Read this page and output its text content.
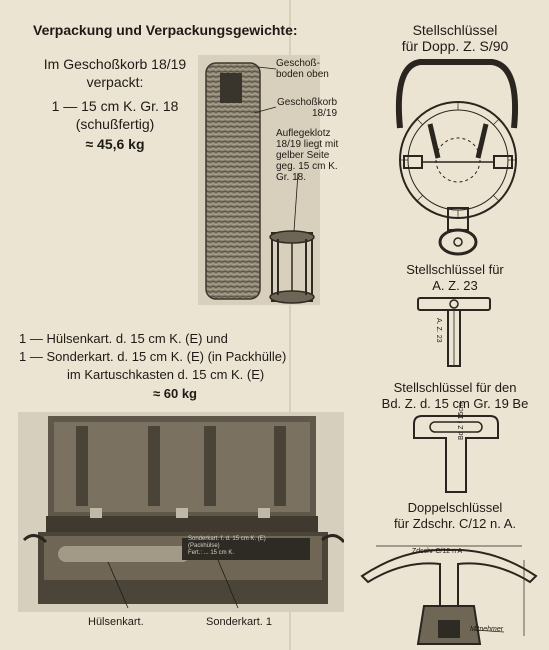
Verpackung und Verpackungsgewichte:
Im Geschoßkorb 18/19
verpackt:
1 — 15 cm K. Gr. 18
(schußfertig)
≈ 45,6 kg
Geschoß-
boden oben
Geschoßkorb
18/19
Auflegeklotz
18/19 liegt mit
gelber Seite
geg. 15 cm K.
Gr. 18.
1 — Hülsenkart. d. 15 cm K. (E) und
1 — Sonderkart. d. 15 cm K. (E) (in Packhülle)
im Kartuschkasten d. 15 cm K. (E)
≈ 60 kg
Sonderkart. f. d. 15 cm K. (E)
(Packhülse)
Fert.: ... 15 cm K.
Hülsenkart.	Sonderkart. 1
Stellschlüssel
für Dopp. Z. S/90
Stellschlüssel für
A. Z. 23
A. Z. 23
Stellschlüssel für den
Bd. Z. d. 15 cm Gr. 19 Be
Bd Z f 15cm
Doppelschlüssel
für Zdschr. C/12 n. A.
Zdschr C/12 n A
Mitnehmer
